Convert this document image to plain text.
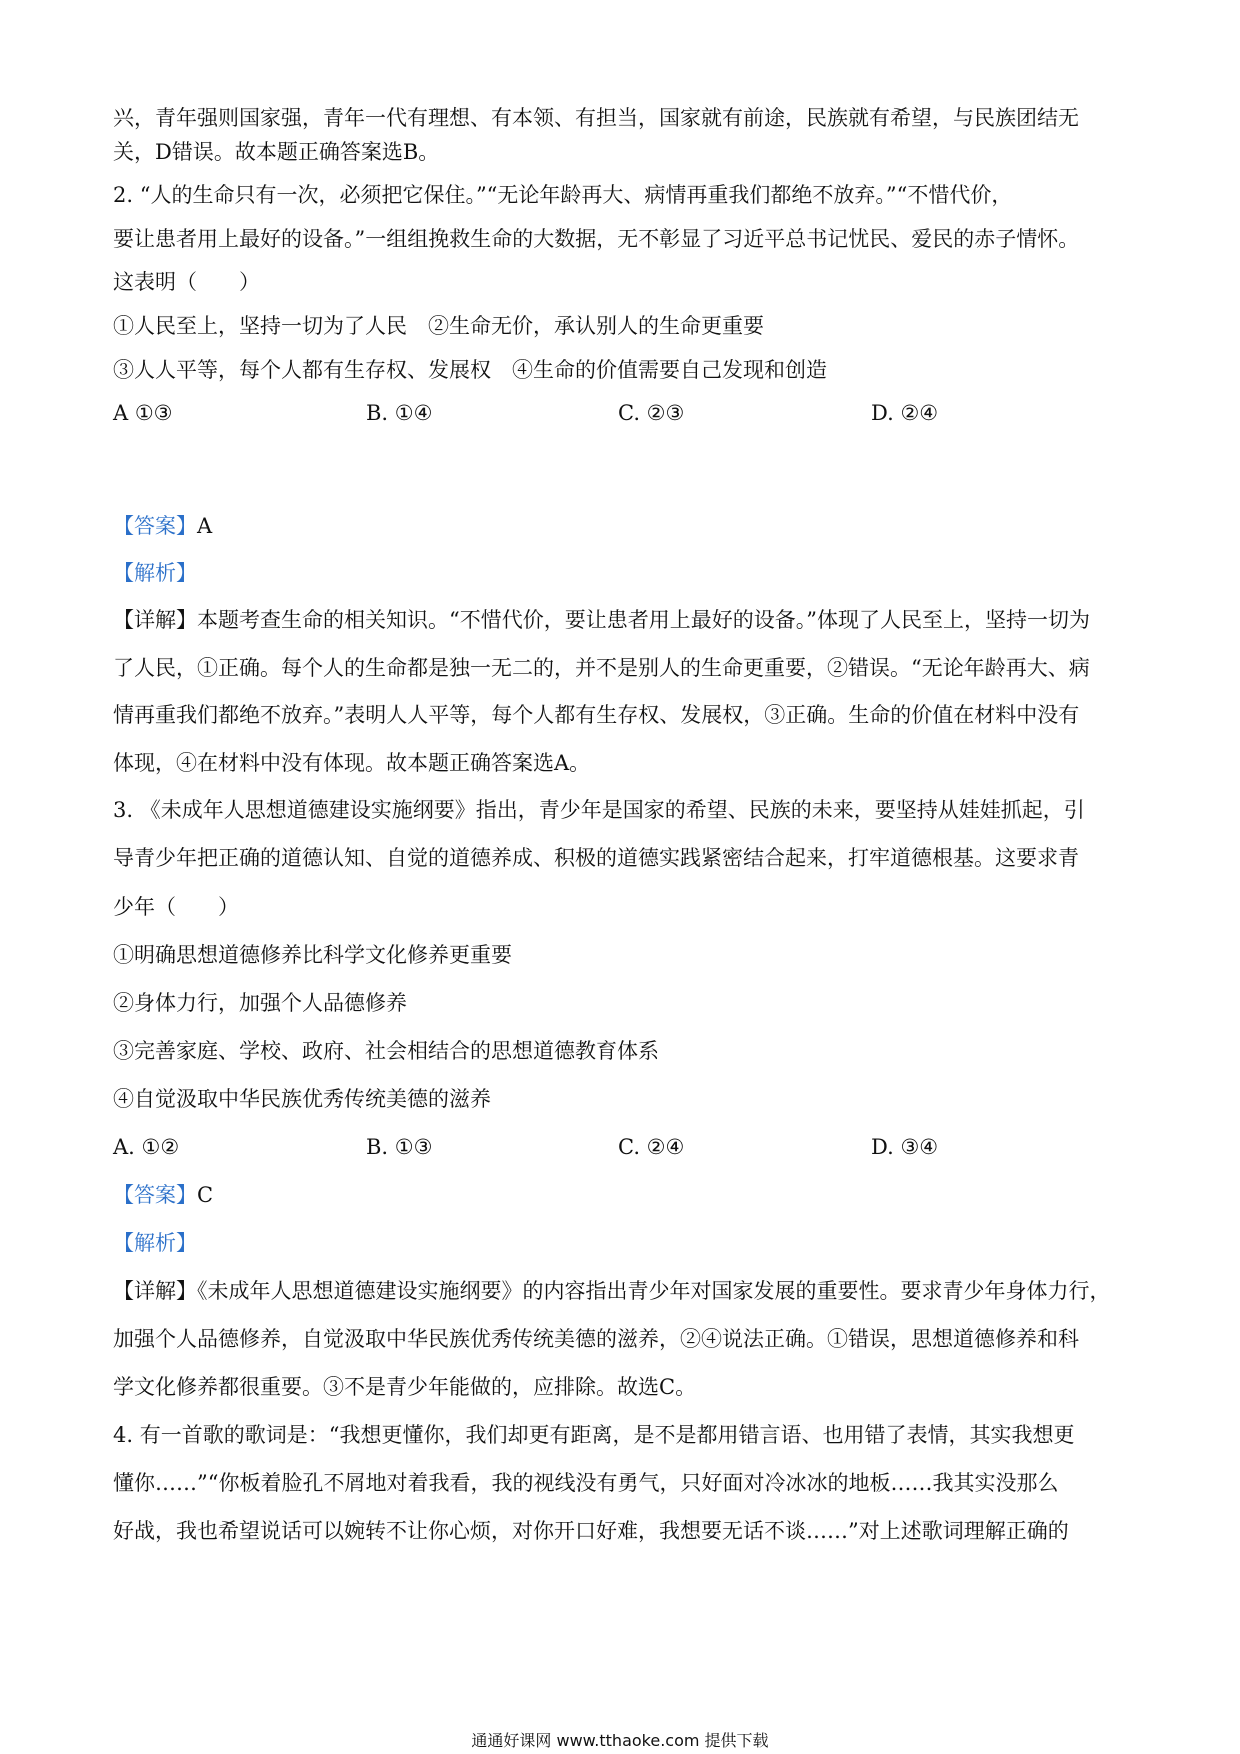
兴，青年强则国家强，青年一代有理想、有本领、有担当，国家就有前途，民族就有希望，与民族团结无
关，D错误。故本题正确答案选B。
2. “人的生命只有一次，必须把它保住。”“无论年龄再大、病情再重我们都绝不放弃。”“不惜代价，
要让患者用上最好的设备。”一组组挽救生命的大数据，无不彰显了习近平总书记忧民、爱民的赤子情怀。
这表明（　　）
①人民至上，坚持一切为了人民　②生命无价，承认别人的生命更重要
③人人平等，每个人都有生存权、发展权　④生命的价值需要自己发现和创造
A ①③	B. ①④	C. ②③	D. ②④
【答案】A
【解析】
【详解】本题考查生命的相关知识。“不惜代价，要让患者用上最好的设备。”体现了人民至上，坚持一切为
了人民，①正确。每个人的生命都是独一无二的，并不是别人的生命更重要，②错误。“无论年龄再大、病
情再重我们都绝不放弃。”表明人人平等，每个人都有生存权、发展权，③正确。生命的价值在材料中没有
体现，④在材料中没有体现。故本题正确答案选A。
3. 《未成年人思想道德建设实施纲要》指出，青少年是国家的希望、民族的未来，要坚持从娃娃抓起，引
导青少年把正确的道德认知、自觉的道德养成、积极的道德实践紧密结合起来，打牢道德根基。这要求青
少年（　　）
①明确思想道德修养比科学文化修养更重要
②身体力行，加强个人品德修养
③完善家庭、学校、政府、社会相结合的思想道德教育体系
④自觉汲取中华民族优秀传统美德的滋养
A. ①②	B. ①③	C. ②④	D. ③④
【答案】C
【解析】
【详解】《未成年人思想道德建设实施纲要》的内容指出青少年对国家发展的重要性。要求青少年身体力行，
加强个人品德修养，自觉汲取中华民族优秀传统美德的滋养，②④说法正确。①错误，思想道德修养和科
学文化修养都很重要。③不是青少年能做的，应排除。故选C。
4. 有一首歌的歌词是：“我想更懂你，我们却更有距离，是不是都用错言语、也用错了表情，其实我想更
懂你……”“你板着脸孔不屑地对着我看，我的视线没有勇气，只好面对冷冰冰的地板……我其实没那么
好战，我也希望说话可以婉转不让你心烦，对你开口好难，我想要无话不谈……”对上述歌词理解正确的
通通好课网 www.tthaoke.com 提供下载
